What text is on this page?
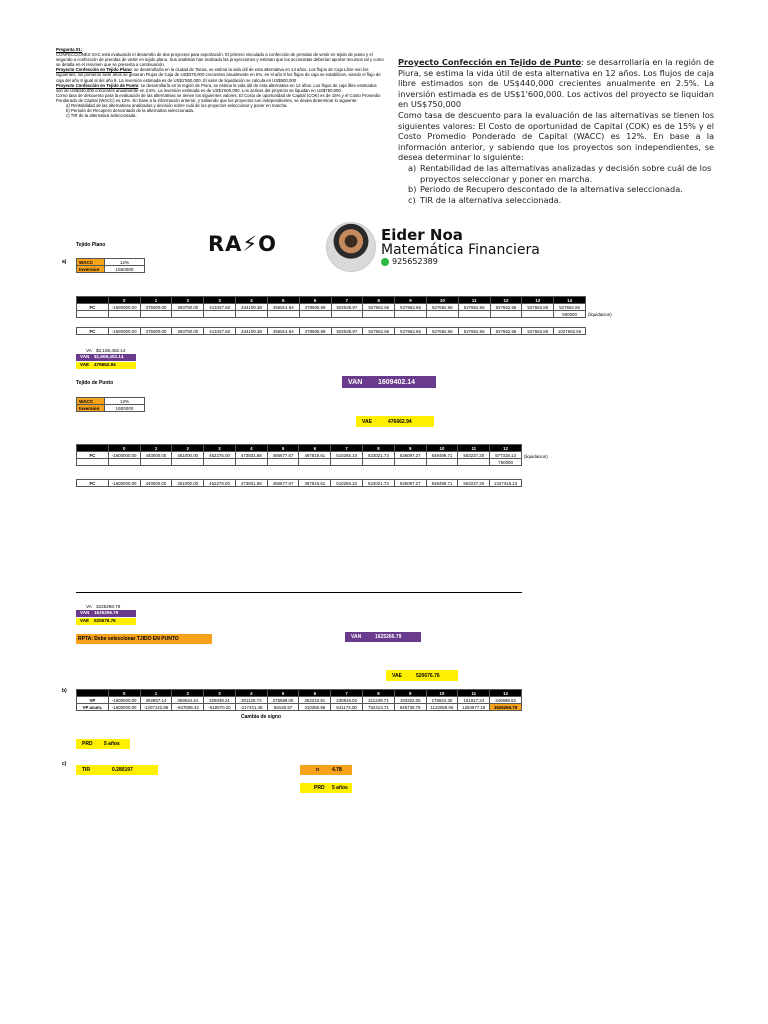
Pregunta 01:

CONFECCIONES SAC está evaluando el desarrollo de dos proyectos para exportación. El primero vinculado a confección de prendas de vestir en tejido de punto y el segundo a confección de prendas de vestir en tejido plano. Sus analistas han realizado las proyecciones y estiman que los accionistas deberían aportar recursos tal y como se detalla en el resumen que se presenta a continuación.

Proyecto Confección en Tejido Plano: se desarrollaría en la ciudad de Tacna, se estima la vida útil de esta alternativa en 14 años. Los flujos de Caja Libre son los siguientes: los primeros siete años se generan Flujos de Caja de US$375,000 crecientes anualmente en 5%, en el año 8 los flujos de caja se estabilizan, siendo el flujo de caja del año 8 igual al del año 9. La inversión estimada es de US$1'550,000. El valor de liquidación se calcula en US$500,000

Proyecto Confección en Tejido de Punto: se desarrollaría en la región de Piura, se estima la vida útil de esta alternativa en 12 años. Los flujos de caja libre estimados son de US$440,000 crecientes anualmente en 2.5%. La inversión estimada es de US$1'600,000. Los activos del proyecto se liquidan en US$750,000

Como tasa de descuento para la evaluación de las alternativas se tienen los siguientes valores: El Costo de oportunidad de Capital (COK) es de 15% y el Costo Promedio Ponderado de Capital (WACC) es 12%. En base a la información anterior, y sabiendo que los proyectos son independientes, se desea determinar lo siguiente:

a) Rentabilidad de las alternativas analizadas y decisión sobre cuál de los proyectos seleccionar y poner en marcha.

b) Periodo de Recupero descontado de la alternativa seleccionada.

c) TIR de la alternativa seleccionada.

Proyecto Confección en Tejido de Punto: se desarrollaría en la región de Piura, se estima la vida útil de esta alternativa en 12 años. Los flujos de caja libre estimados son de US$440,000 crecientes anualmente en 2.5%. La inversión estimada es de US$1'600,000. Los activos del proyecto se liquidan en US$750,000

Como tasa de descuento para la evaluación de las alternativas se tienen los siguientes valores: El Costo de oportunidad de Capital (COK) es de 15% y el Costo Promedio Ponderado de Capital (WACC) es 12%. En base a la información anterior, y sabiendo que los proyectos son independientes, se desea determinar lo siguiente:

a) Rentabilidad de las alternativas analizadas y decisión sobre cuál de los proyectos seleccionar y poner en marcha.
b) Periodo de Recupero descontado de la alternativa seleccionada.
c) TIR de la alternativa seleccionada.
RA⚡O	Eider Noa
Matemática Financiera
925652389
Tejido Plano
a)	WACC	12%
Inversion	1550000
	0	1	2	3	4	5	6	7	8	9	10	11	12	13	14
FC	-1550000.00	375000.00	393750.00	413437.50	434109.38	455814.84	478605.59	502535.87	527662.66	527662.66	527662.66	527662.66	527662.66	527662.66	527662.66
															500000	(liquidacion)
FC	-1550000.00	375000.00	393750.00	413437.50	434109.38	455814.84	478605.59	502535.87	527662.66	527662.66	527662.66	527662.66	527662.66	527662.66	1027662.66
VA $3,159,402.14
VAN	$1,609,402.14
VAE	476662.94
VAN	1609402.14
VAE	476662.94
Tejido de Punto
WACC	12%
Inversion	1600000
	0	1	2	3	4	5	6	7	8	9	10	11	12
FC	-1600000.00	440000.00	451000.00	462275.00	473831.88	485677.67	497819.61	510265.10	523021.73	536097.27	549499.71	563237.20	577318.13
													750000
(liquidacion)
FC	-1600000.00	440000.00	451000.00	462275.00	473831.88	485677.67	497819.61	510265.10	523021.73	536097.27	549499.71	563237.20	1327318.13
VA 3225266.79
VAN	1625266.79
VAE	520676.76
RPTA: Debe seleccionar TJIDO EN PUNTO	VAN	1625266.79
VAE	520676.76
b)
		0	1	2	3	4	5	6	7	8	9	10	11	12
VP	-1600000.00	392857.14	359534.44	329038.21	301128.72	275588.05	252210.91	230816.02	211239.71	193322.05	176924.30	161917.24	340689.52
VP acum.	-1600000.00	-1207142.86	-847608.42	-518570.20	-217441.48	58146.57	310356.98	541174.00	752413.71	945735.76	1122659.06	1284577.19	1625266.79
Cambia de signo
PRD	5 años
c)
TIR	0.280197	n	4.78
PRD	5 años
